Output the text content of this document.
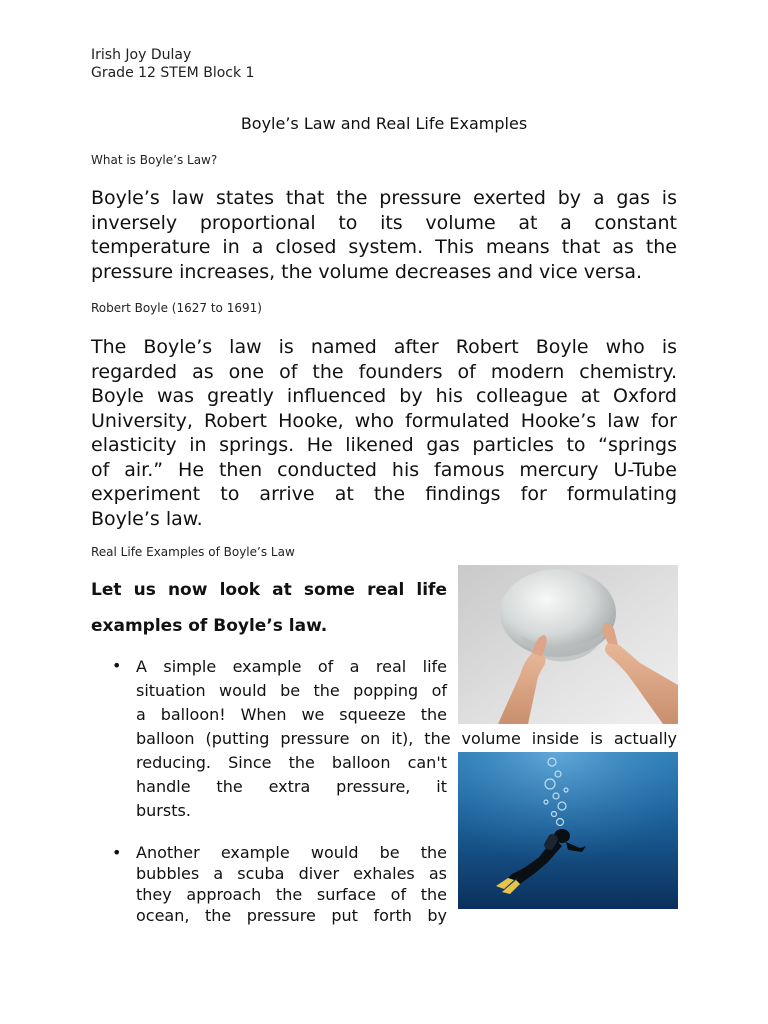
Irish Joy Dulay
Grade 12 STEM Block 1
Boyle’s Law and Real Life Examples
What is Boyle’s Law?
Boyle’s law states that the pressure exerted by a gas is
inversely proportional to its volume at a constant
temperature in a closed system. This means that as the
pressure increases, the volume decreases and vice versa.
Robert Boyle (1627 to 1691)
The Boyle’s law is named after Robert Boyle who is
regarded as one of the founders of modern chemistry.
Boyle was greatly influenced by his colleague at Oxford
University, Robert Hooke, who formulated Hooke’s law for
elasticity in springs. He likened gas particles to “springs
of air.” He then conducted his famous mercury U-Tube
experiment to arrive at the findings for formulating
Boyle’s law.
Real Life Examples of Boyle’s Law
Let us now look at some real life
examples of Boyle’s law.
• A simple example of a real life
situation would be the popping of
a balloon! When we squeeze the
balloon (putting pressure on it), the volume inside is actually
reducing. Since the balloon can't
handle the extra pressure, it
bursts.
• Another example would be the
bubbles a scuba diver exhales as
they approach the surface of the
ocean, the pressure put forth by
